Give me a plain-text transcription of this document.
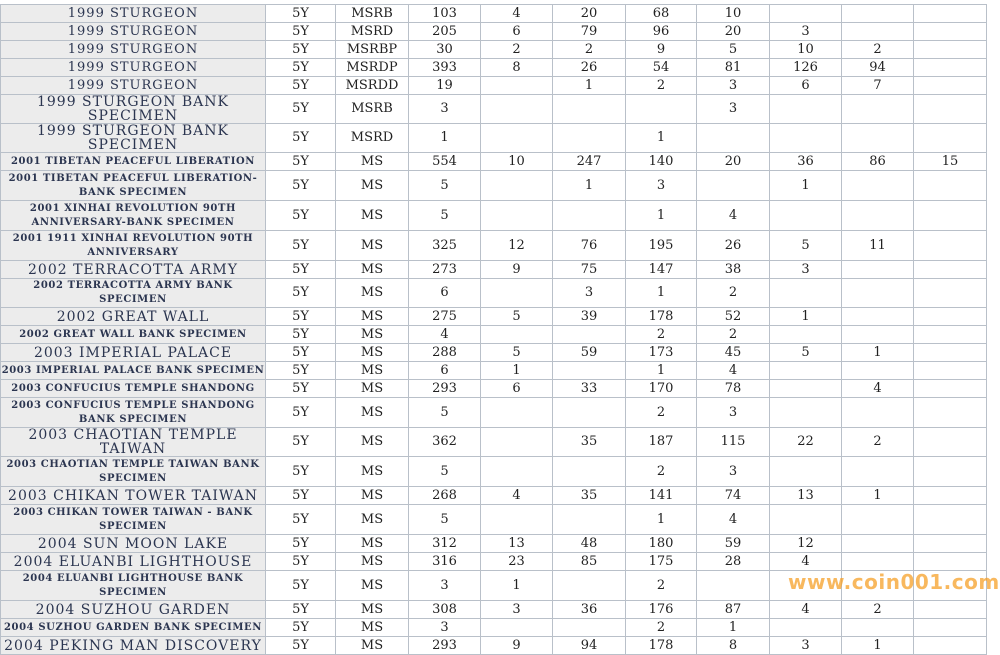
1999 STURGEON	5Y	MSRB	103	4	20	68	10			
1999 STURGEON	5Y	MSRD	205	6	79	96	20	3		
1999 STURGEON	5Y	MSRBP	30	2	2	9	5	10	2	
1999 STURGEON	5Y	MSRDP	393	8	26	54	81	126	94	
1999 STURGEON	5Y	MSRDD	19		1	2	3	6	7	
1999 STURGEON BANK SPECIMEN	5Y	MSRB	3				3			
1999 STURGEON BANK SPECIMEN	5Y	MSRD	1			1				
2001 TIBETAN PEACEFUL LIBERATION	5Y	MS	554	10	247	140	20	36	86	15
2001 TIBETAN PEACEFUL LIBERATION-BANK SPECIMEN	5Y	MS	5		1	3		1		
2001 XINHAI REVOLUTION 90TH ANNIVERSARY-BANK SPECIMEN	5Y	MS	5			1	4			
2001 1911 XINHAI REVOLUTION 90TH ANNIVERSARY	5Y	MS	325	12	76	195	26	5	11	
2002 TERRACOTTA ARMY	5Y	MS	273	9	75	147	38	3		
2002 TERRACOTTA ARMY BANK SPECIMEN	5Y	MS	6		3	1	2			
2002 GREAT WALL	5Y	MS	275	5	39	178	52	1		
2002 GREAT WALL BANK SPECIMEN	5Y	MS	4			2	2			
2003 IMPERIAL PALACE	5Y	MS	288	5	59	173	45	5	1	
2003 IMPERIAL PALACE BANK SPECIMEN	5Y	MS	6	1		1	4			
2003 CONFUCIUS TEMPLE SHANDONG	5Y	MS	293	6	33	170	78		4	
2003 CONFUCIUS TEMPLE SHANDONG BANK SPECIMEN	5Y	MS	5			2	3			
2003 CHAOTIAN TEMPLE TAIWAN	5Y	MS	362		35	187	115	22	2	
2003 CHAOTIAN TEMPLE TAIWAN BANK SPECIMEN	5Y	MS	5			2	3			
2003 CHIKAN TOWER TAIWAN	5Y	MS	268	4	35	141	74	13	1	
2003 CHIKAN TOWER TAIWAN - BANK SPECIMEN	5Y	MS	5			1	4			
2004 SUN MOON LAKE	5Y	MS	312	13	48	180	59	12		
2004 ELUANBI LIGHTHOUSE	5Y	MS	316	23	85	175	28	4		
2004 ELUANBI LIGHTHOUSE BANK SPECIMEN	5Y	MS	3	1		2				
2004 SUZHOU GARDEN	5Y	MS	308	3	36	176	87	4	2	
2004 SUZHOU GARDEN BANK SPECIMEN	5Y	MS	3			2	1			
2004 PEKING MAN DISCOVERY	5Y	MS	293	9	94	178	8	3	1	
www.coin001.com
